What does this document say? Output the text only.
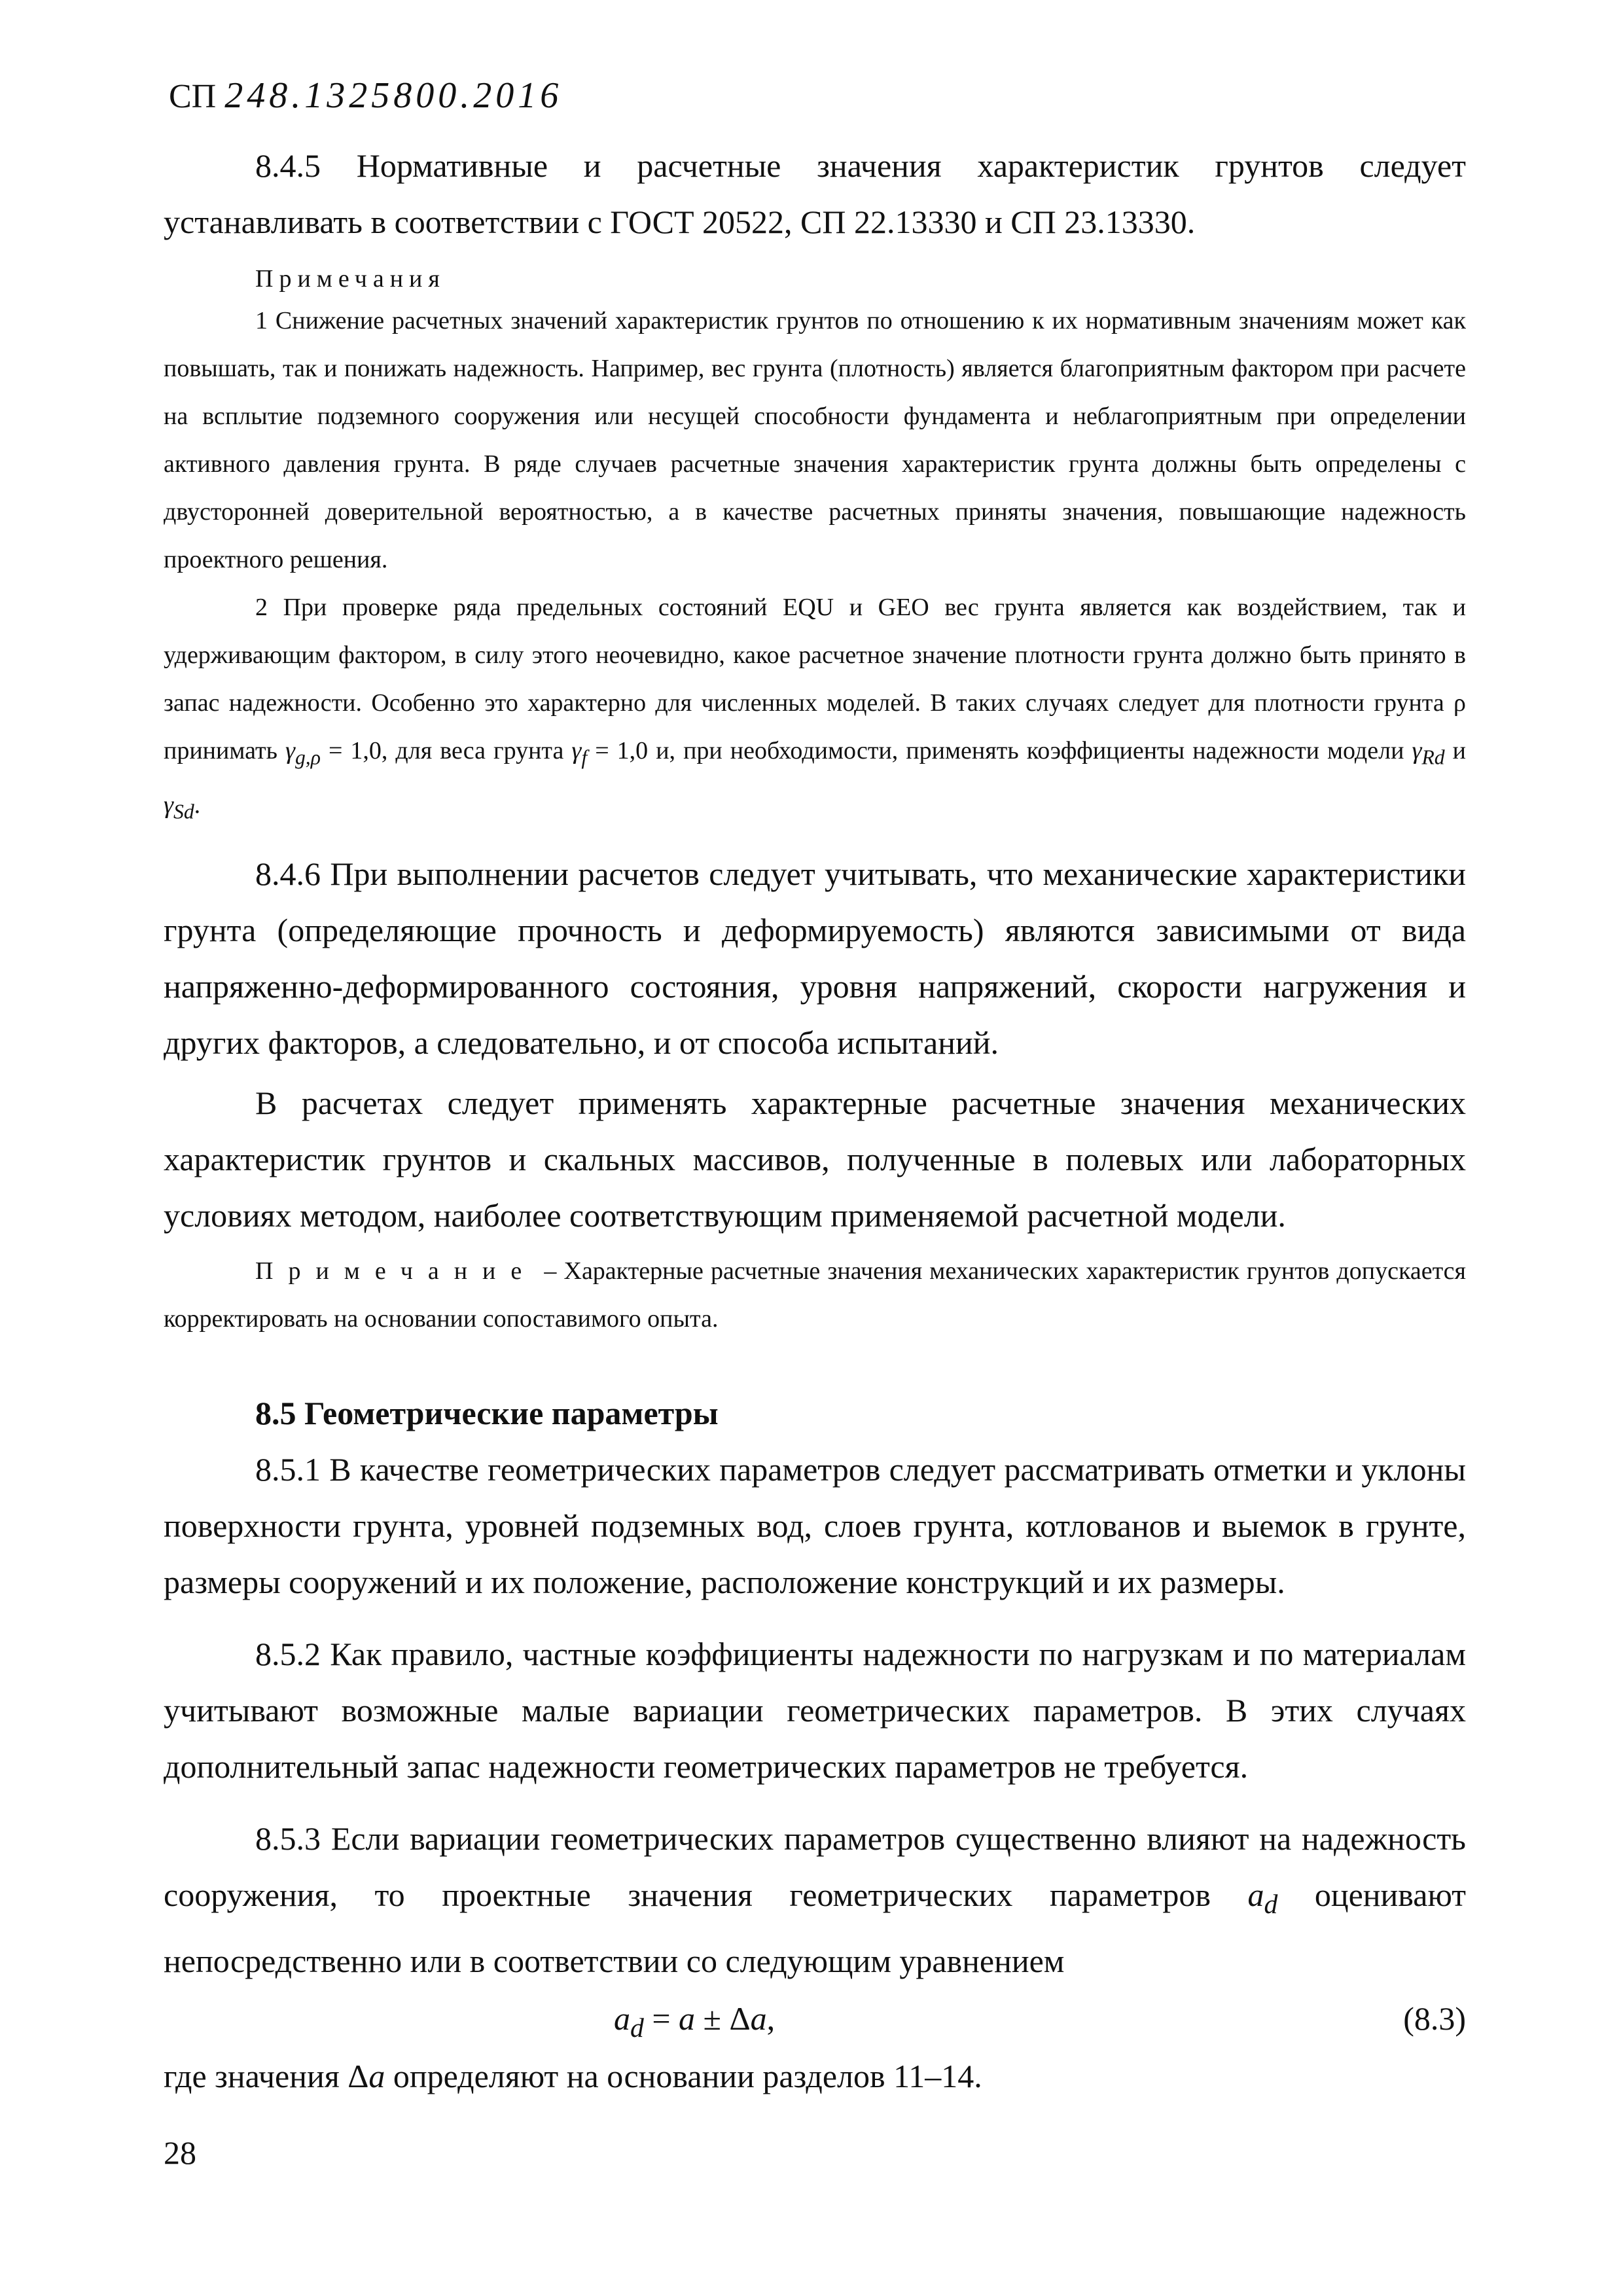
СП 248.1325800.2016

8.4.5 Нормативные и расчетные значения характеристик грунтов следует устанавливать в соответствии с ГОСТ 20522, СП 22.13330 и СП 23.13330.

Примечания

1 Снижение расчетных значений характеристик грунтов по отношению к их нормативным значениям может как повышать, так и понижать надежность. Например, вес грунта (плотность) является благоприятным фактором при расчете на всплытие подземного сооружения или несущей способности фундамента и неблагоприятным при определении активного давления грунта. В ряде случаев расчетные значения характеристик грунта должны быть определены с двусторонней доверительной вероятностью, а в качестве расчетных приняты значения, повышающие надежность проектного решения.

2 При проверке ряда предельных состояний EQU и GEO вес грунта является как воздействием, так и удерживающим фактором, в силу этого неочевидно, какое расчетное значение плотности грунта должно быть принято в запас надежности. Особенно это характерно для численных моделей. В таких случаях следует для плотности грунта ρ принимать $\gamma_{g,\rho} = 1,0$, для веса грунта $\gamma_f = 1,0$ и, при необходимости, применять коэффициенты надежности модели $\gamma_{Rd}$ и $\gamma_{Sd}$.

8.4.6 При выполнении расчетов следует учитывать, что механические характеристики грунта (определяющие прочность и деформируемость) являются зависимыми от вида напряженно-деформированного состояния, уровня напряжений, скорости нагружения и других факторов, а следовательно, и от способа испытаний.

В расчетах следует применять характерные расчетные значения механических характеристик грунтов и скальных массивов, полученные в полевых или лабораторных условиях методом, наиболее соответствующим применяемой расчетной модели.

Примечание – Характерные расчетные значения механических характеристик грунтов допускается корректировать на основании сопоставимого опыта.

8.5 Геометрические параметры

8.5.1 В качестве геометрических параметров следует рассматривать отметки и уклоны поверхности грунта, уровней подземных вод, слоев грунта, котлованов и выемок в грунте, размеры сооружений и их положение, расположение конструкций и их размеры.

8.5.2 Как правило, частные коэффициенты надежности по нагрузкам и по материалам учитывают возможные малые вариации геометрических параметров. В этих случаях дополнительный запас надежности геометрических параметров не требуется.

8.5.3 Если вариации геометрических параметров существенно влияют на надежность сооружения, то проектные значения геометрических параметров $a_d$ оценивают непосредственно или в соответствии со следующим уравнением

$a_d = a \pm \Delta a$,	(8.3)

где значения Δa определяют на основании разделов 11–14.

28
